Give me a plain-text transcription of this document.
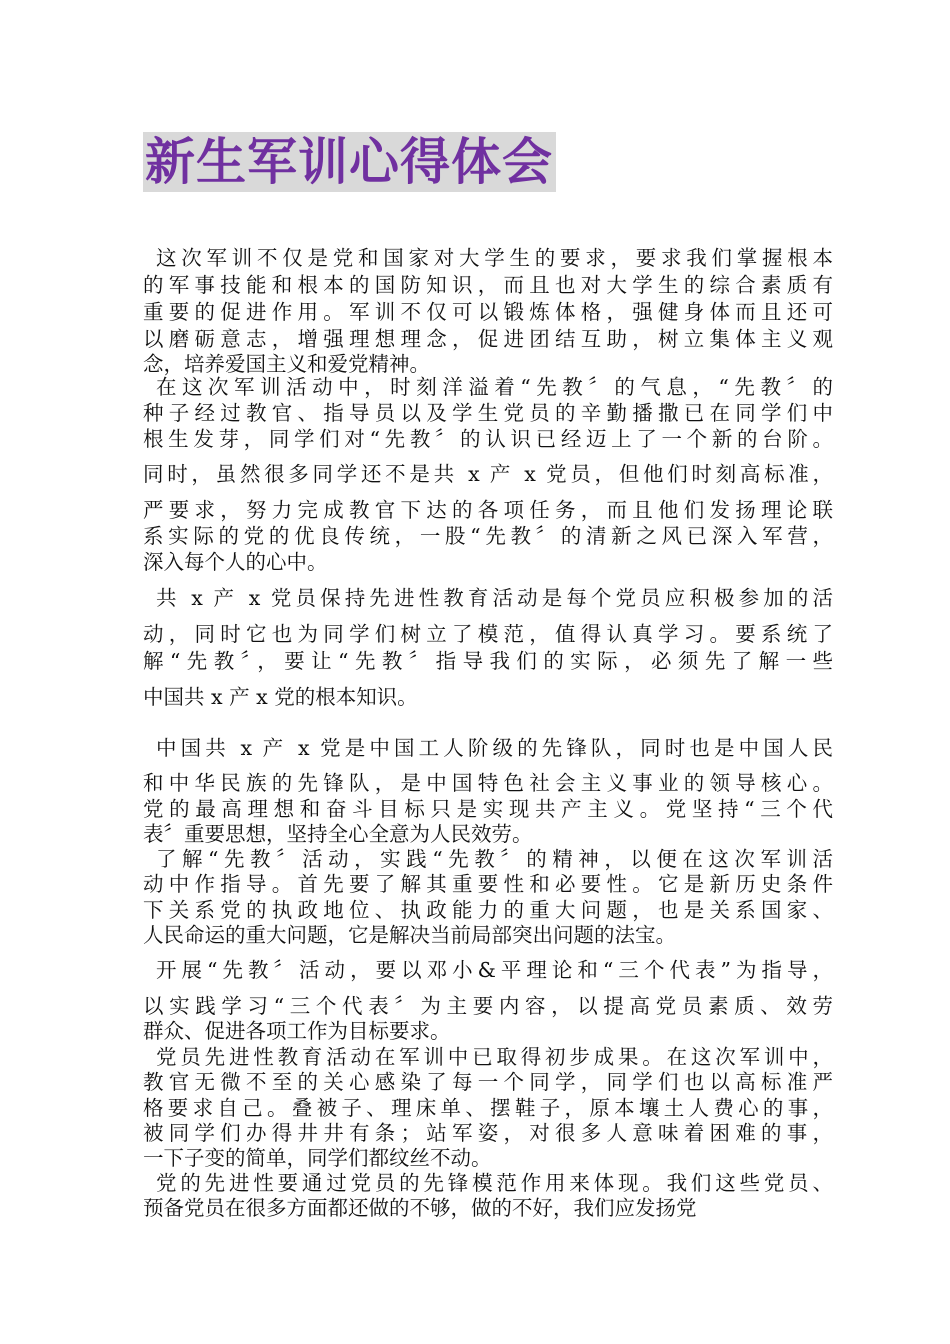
新生军训心得体会
这次军训不仅是党和国家对大学生的要求，要求我们掌握根本
的军事技能和根本的国防知识，而且也对大学生的综合素质有
重要的促进作用。军训不仅可以锻炼体格，强健身体而且还可
以磨砺意志，增强理想理念，促进团结互助，树立集体主义观
念，培养爱国主义和爱党精神。
在这次军训活动中，时刻洋溢着“先教〞的气息，“先教〞的
种子经过教官、指导员以及学生党员的辛勤播撒已在同学们中
根生发芽，同学们对“先教〞的认识已经迈上了一个新的台阶。
同时，虽然很多同学还不是共 x 产 x 党员，但他们时刻高标准，
严要求，努力完成教官下达的各项任务，而且他们发扬理论联
系实际的党的优良传统，一股“先教〞的清新之风已深入军营，
深入每个人的心中。
共 x 产 x 党员保持先进性教育活动是每个党员应积极参加的活
动，同时它也为同学们树立了模范，值得认真学习。要系统了
解“先教〞，要让“先教〞指导我们的实际，必须先了解一些
中国共 x 产 x 党的根本知识。
中国共 x 产 x 党是中国工人阶级的先锋队，同时也是中国人民
和中华民族的先锋队，是中国特色社会主义事业的领导核心。
党的最高理想和奋斗目标只是实现共产主义。党坚持“三个代
表〞重要思想，坚持全心全意为人民效劳。
了解“先教〞活动，实践“先教〞的精神，以便在这次军训活
动中作指导。首先要了解其重要性和必要性。它是新历史条件
下关系党的执政地位、执政能力的重大问题，也是关系国家、
人民命运的重大问题，它是解决当前局部突出问题的法宝。
开展“先教〞活动，要以邓小&平理论和“三个代表”为指导，
以实践学习“三个代表〞为主要内容，以提高党员素质、效劳
群众、促进各项工作为目标要求。
党员先进性教育活动在军训中已取得初步成果。在这次军训中，
教官无微不至的关心感染了每一个同学，同学们也以高标准严
格要求自己。叠被子、理床单、摆鞋子，原本壤土人费心的事，
被同学们办得井井有条；站军姿，对很多人意味着困难的事，
一下子变的简单，同学们都纹丝不动。
党的先进性要通过党员的先锋模范作用来体现。我们这些党员、
预备党员在很多方面都还做的不够，做的不好，我们应发扬党
